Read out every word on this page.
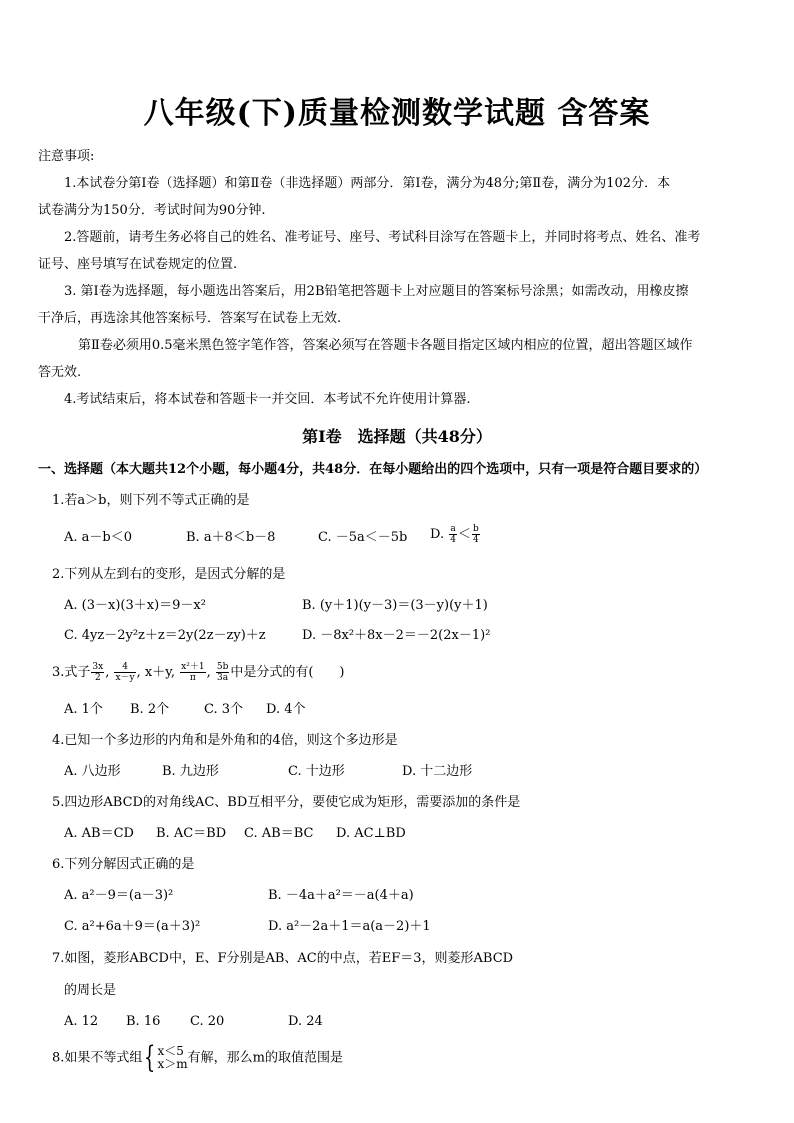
八年级(下)质量检测数学试题 含答案
注意事项:
1.本试卷分第Ⅰ卷（选择题）和第Ⅱ卷（非选择题）两部分．第Ⅰ卷，满分为48分;第Ⅱ卷，满分为102分．本
试卷满分为150分．考试时间为90分钟.
2.答题前，请考生务必将自己的姓名、准考证号、座号、考试科目涂写在答题卡上，并同时将考点、姓名、准考
证号、座号填写在试卷规定的位置.
3. 第Ⅰ卷为选择题，每小题选出答案后，用2B铅笔把答题卡上对应题目的答案标号涂黑；如需改动，用橡皮擦
干净后，再选涂其他答案标号．答案写在试卷上无效.
第Ⅱ卷必须用0.5毫米黑色签字笔作答，答案必须写在答题卡各题目指定区域内相应的位置，超出答题区域作
答无效.
4.考试结束后，将本试卷和答题卡一并交回．本考试不允许使用计算器.
第Ⅰ卷　选择题（共48分）
一、选择题（本大题共12个小题，每小题4分，共48分．在每小题给出的四个选项中，只有一项是符合题目要求的）
1.若a＞b，则下列不等式正确的是
A. a－b＜0	B. a＋8＜b－8	C. －5a＜－5b D. $\frac{a}{4} < \frac{b}{4}$
2.下列从左到右的变形，是因式分解的是
A. (3－x)(3＋x)＝9－x²	B. (y＋1)(y－3)＝(3－y)(y＋1)
C. 4yz－2y²z＋z＝2y(2z－zy)＋z	D. －8x²＋8x－2＝－2(2x－1)²
3.式子 $\frac{3x}{2}$ , $\frac{4}{x-y}$ , x＋y, $\frac{\text{x²＋1}}{\pi}$ , $\frac{5b}{3a}$ 中是分式的有(　　)
A. 1个 B. 2个	C. 3个 D. 4个
4.已知一个多边形的内角和是外角和的4倍，则这个多边形是
A. 八边形	B. 九边形	C. 十边形	D. 十二边形
5.四边形ABCD的对角线AC、BD互相平分，要使它成为矩形，需要添加的条件是
A. AB＝CD B. AC＝BD C. AB＝BC D. AC⊥BD
6.下列分解因式正确的是
A. a²－9＝(a－3)²	B. －4a＋a²＝－a(4＋a)
C. a²+6a＋9＝(a＋3)²	D. a²－2a＋1＝a(a－2)＋1
7.如图，菱形ABCD中，E、F分别是AB、AC的中点，若EF＝3，则菱形ABCD
的周长是
A. 12 B. 16 C. 20	D. 24
8.如果不等式组{ x＜5
x＞m 有解，那么m的取值范围是
